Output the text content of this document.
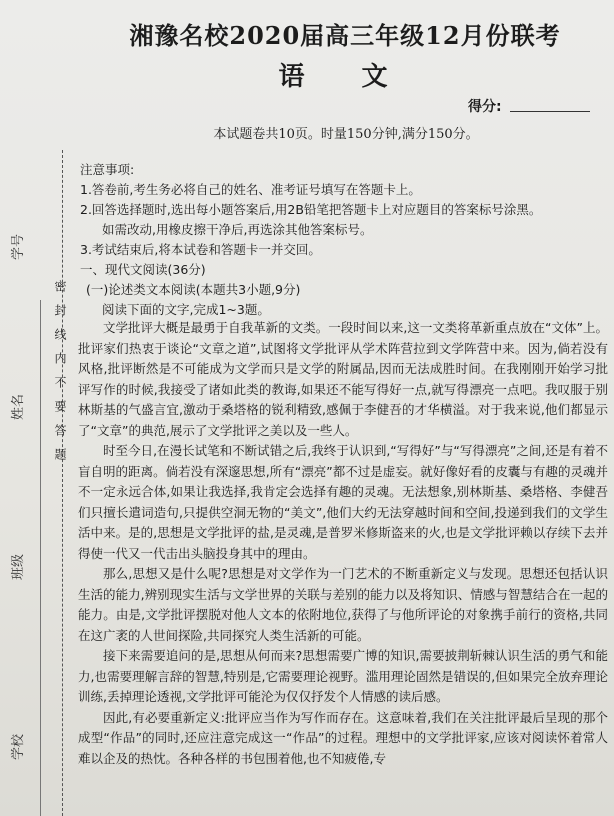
学号
姓名
班级
学校
密封线内不要答题
湘豫名校2020届高三年级12月份联考
语 文
得分:
本试题卷共10页。时量150分钟,满分150分。
注意事项:
1.答卷前,考生务必将自己的姓名、准考证号填写在答题卡上。
2.回答选择题时,选出每小题答案后,用2B铅笔把答题卡上对应题目的答案标号涂黑。
如需改动,用橡皮擦干净后,再选涂其他答案标号。
3.考试结束后,将本试卷和答题卡一并交回。
一、现代文阅读(36分)
(一)论述类文本阅读(本题共3小题,9分)
阅读下面的文字,完成1~3题。

文学批评大概是最勇于自我革新的文类。一段时间以来,这一文类将革新重点放在“文体”上。批评家们热衷于谈论“文章之道”,试图将文学批评从学术阵营拉到文学阵营中来。因为,倘若没有风格,批评断然是不可能成为文学而只是文学的附属品,因而无法成胜时间。在我刚刚开始学习批评写作的时候,我接受了诸如此类的教诲,如果还不能写得好一点,就写得漂亮一点吧。我叹服于别林斯基的气盛言宜,激动于桑塔格的锐利精致,感佩于李健吾的才华横溢。对于我来说,他们都显示了“文章”的典范,展示了文学批评之美以及一些人。

时至今日,在漫长试笔和不断试错之后,我终于认识到,“写得好”与“写得漂亮”之间,还是有着不盲自明的距离。倘若没有深邃思想,所有“漂亮”都不过是虚妄。就好像好看的皮囊与有趣的灵魂并不一定永远合体,如果让我选择,我肯定会选择有趣的灵魂。无法想象,别林斯基、桑塔格、李健吾们只擅长遣词造句,只提供空洞无物的“美文”,他们大约无法穿越时间和空间,投递到我们的文学生活中来。是的,思想是文学批评的盐,是灵魂,是普罗米修斯盗来的火,也是文学批评赖以存续下去并得使一代又一代击出头脑投身其中的理由。

那么,思想又是什么呢?思想是对文学作为一门艺术的不断重新定义与发现。思想还包括认识生活的能力,辨别现实生活与文学世界的关联与差别的能力以及将知识、情感与智慧结合在一起的能力。由是,文学批评摆脱对他人文本的依附地位,获得了与他所评论的对象携手前行的资格,共同在这广袤的人世间探险,共同探究人类生活新的可能。

接下来需要追问的是,思想从何而来?思想需要广博的知识,需要披荆斩棘认识生活的勇气和能力,也需要理解言辞的智慧,特别是,它需要理论视野。滥用理论固然是错误的,但如果完全放弃理论训练,丢掉理论透视,文学批评可能沦为仅仅抒发个人情感的读后感。

因此,有必要重新定义:批评应当作为写作而存在。这意味着,我们在关注批评最后呈现的那个成型“作品”的同时,还应注意完成这一“作品”的过程。理想中的文学批评家,应该对阅读怀着常人难以企及的热忱。各种各样的书包围着他,也不知疲倦,专
